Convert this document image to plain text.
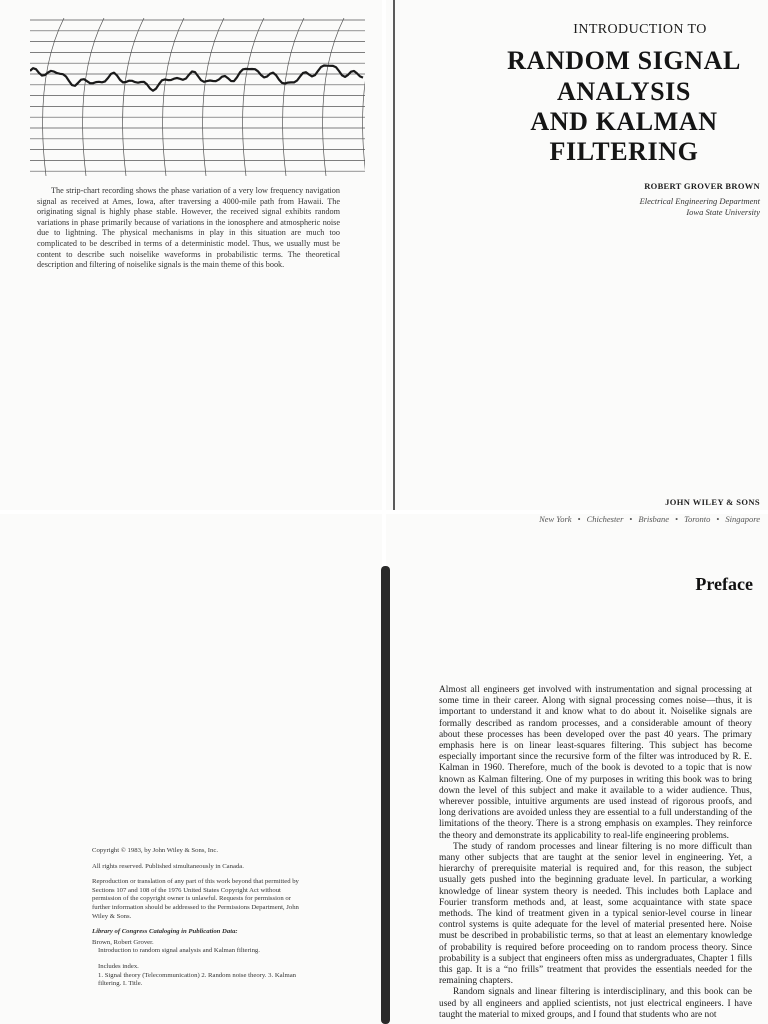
The strip-chart recording shows the phase variation of a very low frequency navigation signal as received at Ames, Iowa, after traversing a 4000-mile path from Hawaii. The originating signal is highly phase stable. However, the received signal exhibits random variations in phase primarily because of variations in the ionosphere and atmospheric noise due to lightning. The physical mechanisms in play in this situation are much too complicated to be described in terms of a deterministic model. Thus, we usually must be content to describe such noiselike waveforms in probabilistic terms. The theoretical description and filtering of noiselike signals is the main theme of this book.
INTRODUCTION TO
RANDOM SIGNAL
ANALYSIS
AND KALMAN
FILTERING
ROBERT GROVER BROWN
Electrical Engineering Department
Iowa State University
JOHN WILEY & SONS
New York • Chichester • Brisbane • Toronto • Singapore

Copyright © 1983, by John Wiley & Sons, Inc.

All rights reserved. Published simultaneously in Canada.

Reproduction or translation of any part of this work beyond that permitted by Sections 107 and 108 of the 1976 United States Copyright Act without permission of the copyright owner is unlawful. Requests for permission or further information should be addressed to the Permissions Department, John Wiley & Sons.

Library of Congress Cataloging in Publication Data:

Brown, Robert Grover.

Introduction to random signal analysis and Kalman filtering.

Includes index.

1. Signal theory (Telecommunication) 2. Random noise theory. 3. Kalman filtering. I. Title.

Preface

Almost all engineers get involved with instrumentation and signal processing at some time in their career. Along with signal processing comes noise—thus, it is important to understand it and know what to do about it. Noiselike signals are formally described as random processes, and a considerable amount of theory about these processes has been developed over the past 40 years. The primary emphasis here is on linear least-squares filtering. This subject has become especially important since the recursive form of the filter was introduced by R. E. Kalman in 1960. Therefore, much of the book is devoted to a topic that is now known as Kalman filtering. One of my purposes in writing this book was to bring down the level of this subject and make it available to a wider audience. Thus, wherever possible, intuitive arguments are used instead of rigorous proofs, and long derivations are avoided unless they are essential to a full understanding of the limitations of the theory. There is a strong emphasis on examples. They reinforce the theory and demonstrate its applicability to real-life engineering problems.

The study of random processes and linear filtering is no more difficult than many other subjects that are taught at the senior level in engineering. Yet, a hierarchy of prerequisite material is required and, for this reason, the subject usually gets pushed into the beginning graduate level. In particular, a working knowledge of linear system theory is needed. This includes both Laplace and Fourier transform methods and, at least, some acquaintance with state space methods. The kind of treatment given in a typical senior-level course in linear control systems is quite adequate for the level of material presented here. Noise must be described in probabilistic terms, so that at least an elementary knowledge of probability is required before proceeding on to random process theory. Since probability is a subject that engineers often miss as undergraduates, Chapter 1 fills this gap. It is a “no frills” treatment that provides the essentials needed for the remaining chapters.

Random signals and linear filtering is interdisciplinary, and this book can be used by all engineers and applied scientists, not just electrical engineers. I have taught the material to mixed groups, and I found that students who are not
